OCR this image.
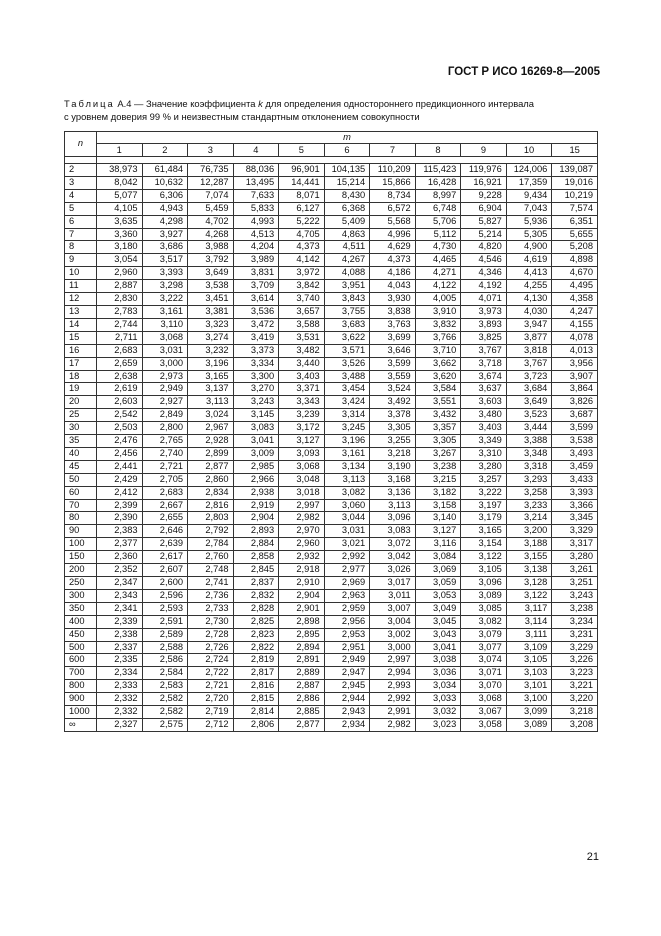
ГОСТ Р ИСО 16269-8—2005
Таблица А.4 — Значение коэффициента k для определения одностороннего предикционного интервала
с уровнем доверия 99 % и неизвестным стандартным отклонением совокупности
n	m										
	1	2	3	4	5	6	7	8	9	10	15

2	38,973	61,484	76,735	88,036	96,901	104,135	110,209	115,423	119,976	124,006	139,087
3	8,042	10,632	12,287	13,495	14,441	15,214	15,866	16,428	16,921	17,359	19,016
4	5,077	6,306	7,074	7,633	8,071	8,430	8,734	8,997	9,228	9,434	10,219
5	4,105	4,943	5,459	5,833	6,127	6,368	6,572	6,748	6,904	7,043	7,574
6	3,635	4,298	4,702	4,993	5,222	5,409	5,568	5,706	5,827	5,936	6,351
7	3,360	3,927	4,268	4,513	4,705	4,863	4,996	5,112	5,214	5,305	5,655
8	3,180	3,686	3,988	4,204	4,373	4,511	4,629	4,730	4,820	4,900	5,208
9	3,054	3,517	3,792	3,989	4,142	4,267	4,373	4,465	4,546	4,619	4,898
10	2,960	3,393	3,649	3,831	3,972	4,088	4,186	4,271	4,346	4,413	4,670
11	2,887	3,298	3,538	3,709	3,842	3,951	4,043	4,122	4,192	4,255	4,495
12	2,830	3,222	3,451	3,614	3,740	3,843	3,930	4,005	4,071	4,130	4,358
13	2,783	3,161	3,381	3,536	3,657	3,755	3,838	3,910	3,973	4,030	4,247
14	2,744	3,110	3,323	3,472	3,588	3,683	3,763	3,832	3,893	3,947	4,155
15	2,711	3,068	3,274	3,419	3,531	3,622	3,699	3,766	3,825	3,877	4,078
16	2,683	3,031	3,232	3,373	3,482	3,571	3,646	3,710	3,767	3,818	4,013
17	2,659	3,000	3,196	3,334	3,440	3,526	3,599	3,662	3,718	3,767	3,956
18	2,638	2,973	3,165	3,300	3,403	3,488	3,559	3,620	3,674	3,723	3,907
19	2,619	2,949	3,137	3,270	3,371	3,454	3,524	3,584	3,637	3,684	3,864
20	2,603	2,927	3,113	3,243	3,343	3,424	3,492	3,551	3,603	3,649	3,826
25	2,542	2,849	3,024	3,145	3,239	3,314	3,378	3,432	3,480	3,523	3,687
30	2,503	2,800	2,967	3,083	3,172	3,245	3,305	3,357	3,403	3,444	3,599
35	2,476	2,765	2,928	3,041	3,127	3,196	3,255	3,305	3,349	3,388	3,538
40	2,456	2,740	2,899	3,009	3,093	3,161	3,218	3,267	3,310	3,348	3,493
45	2,441	2,721	2,877	2,985	3,068	3,134	3,190	3,238	3,280	3,318	3,459
50	2,429	2,705	2,860	2,966	3,048	3,113	3,168	3,215	3,257	3,293	3,433
60	2,412	2,683	2,834	2,938	3,018	3,082	3,136	3,182	3,222	3,258	3,393
70	2,399	2,667	2,816	2,919	2,997	3,060	3,113	3,158	3,197	3,233	3,366
80	2,390	2,655	2,803	2,904	2,982	3,044	3,096	3,140	3,179	3,214	3,345
90	2,383	2,646	2,792	2,893	2,970	3,031	3,083	3,127	3,165	3,200	3,329
100	2,377	2,639	2,784	2,884	2,960	3,021	3,072	3,116	3,154	3,188	3,317
150	2,360	2,617	2,760	2,858	2,932	2,992	3,042	3,084	3,122	3,155	3,280
200	2,352	2,607	2,748	2,845	2,918	2,977	3,026	3,069	3,105	3,138	3,261
250	2,347	2,600	2,741	2,837	2,910	2,969	3,017	3,059	3,096	3,128	3,251
300	2,343	2,596	2,736	2,832	2,904	2,963	3,011	3,053	3,089	3,122	3,243
350	2,341	2,593	2,733	2,828	2,901	2,959	3,007	3,049	3,085	3,117	3,238
400	2,339	2,591	2,730	2,825	2,898	2,956	3,004	3,045	3,082	3,114	3,234
450	2,338	2,589	2,728	2,823	2,895	2,953	3,002	3,043	3,079	3,111	3,231
500	2,337	2,588	2,726	2,822	2,894	2,951	3,000	3,041	3,077	3,109	3,229
600	2,335	2,586	2,724	2,819	2,891	2,949	2,997	3,038	3,074	3,105	3,226
700	2,334	2,584	2,722	2,817	2,889	2,947	2,994	3,036	3,071	3,103	3,223
800	2,333	2,583	2,721	2,816	2,887	2,945	2,993	3,034	3,070	3,101	3,221
900	2,332	2,582	2,720	2,815	2,886	2,944	2,992	3,033	3,068	3,100	3,220
1000	2,332	2,582	2,719	2,814	2,885	2,943	2,991	3,032	3,067	3,099	3,218
∞	2,327	2,575	2,712	2,806	2,877	2,934	2,982	3,023	3,058	3,089	3,208
21
